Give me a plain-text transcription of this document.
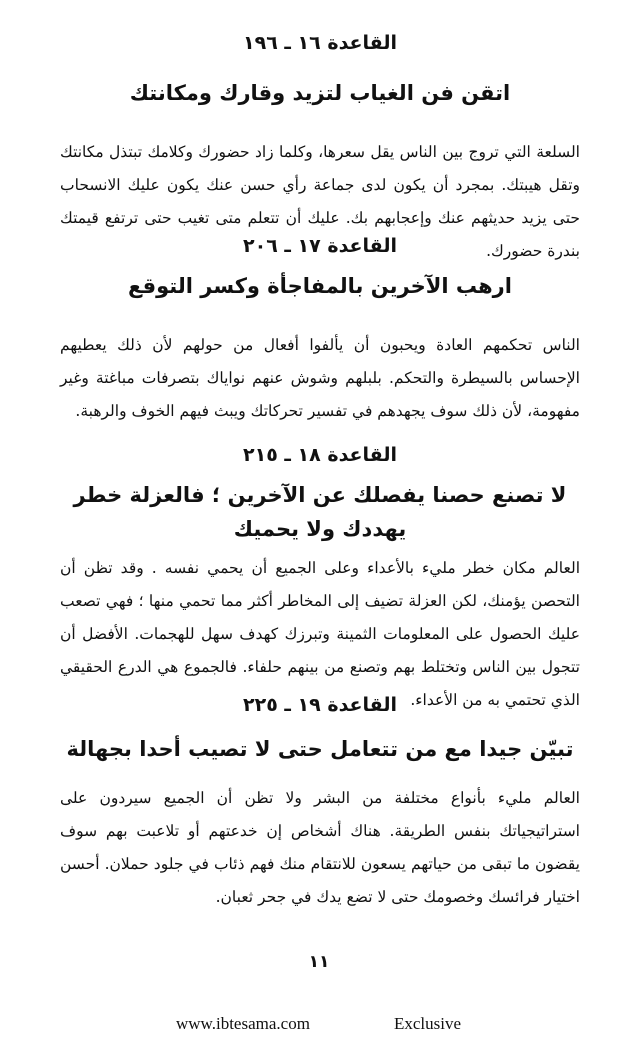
القاعدة ١٦ ـ ١٩٦
اتقن فن الغياب لتزيد وقارك ومكانتك

السلعة التي تروج بين الناس يقل سعرها، وكلما زاد حضورك وكلامك تبتذل مكانتك وتقل هيبتك. بمجرد أن يكون لدى جماعة رأي حسن عنك يكون عليك الانسحاب حتى يزيد حديثهم عنك وإعجابهم بك. عليك أن تتعلم متى تغيب حتى ترتفع قيمتك بندرة حضورك.

القاعدة ١٧ ـ ٢٠٦
ارهب الآخرين بالمفاجأة وكسر التوقع

الناس تحكمهم العادة ويحبون أن يألفوا أفعال من حولهم لأن ذلك يعطيهم الإحساس بالسيطرة والتحكم. بلبلهم وشوش عنهم نواياك بتصرفات مباغتة وغير مفهومة، لأن ذلك سوف يجهدهم في تفسير تحركاتك ويبث فيهم الخوف والرهبة.

القاعدة ١٨ ـ ٢١٥
لا تصنع حصنا يفصلك عن الآخرين ؛ فالعزلة خطر يهددك ولا يحميك

العالم مكان خطر مليء بالأعداء وعلى الجميع أن يحمي نفسه . وقد تظن أن التحصن يؤمنك، لكن العزلة تضيف إلى المخاطر أكثر مما تحمي منها ؛ فهي تصعب عليك الحصول على المعلومات الثمينة وتبرزك كهدف سهل للهجمات. الأفضل أن تتجول بين الناس وتختلط بهم وتصنع من بينهم حلفاء. فالجموع هي الدرع الحقيقي الذي تحتمي به من الأعداء.

القاعدة ١٩ ـ ٢٢٥
تبيّن جيدا مع من تتعامل حتى لا تصيب أحدا بجهالة

العالم مليء بأنواع مختلفة من البشر ولا تظن أن الجميع سيردون على استراتيجياتك بنفس الطريقة. هناك أشخاص إن خدعتهم أو تلاعبت بهم سوف يقضون ما تبقى من حياتهم يسعون للانتقام منك فهم ذئاب في جلود حملان. أحسن اختيار فرائسك وخصومك حتى لا تضع يدك في جحر ثعبان.

١١
www.ibtesama.com	Exclusive
